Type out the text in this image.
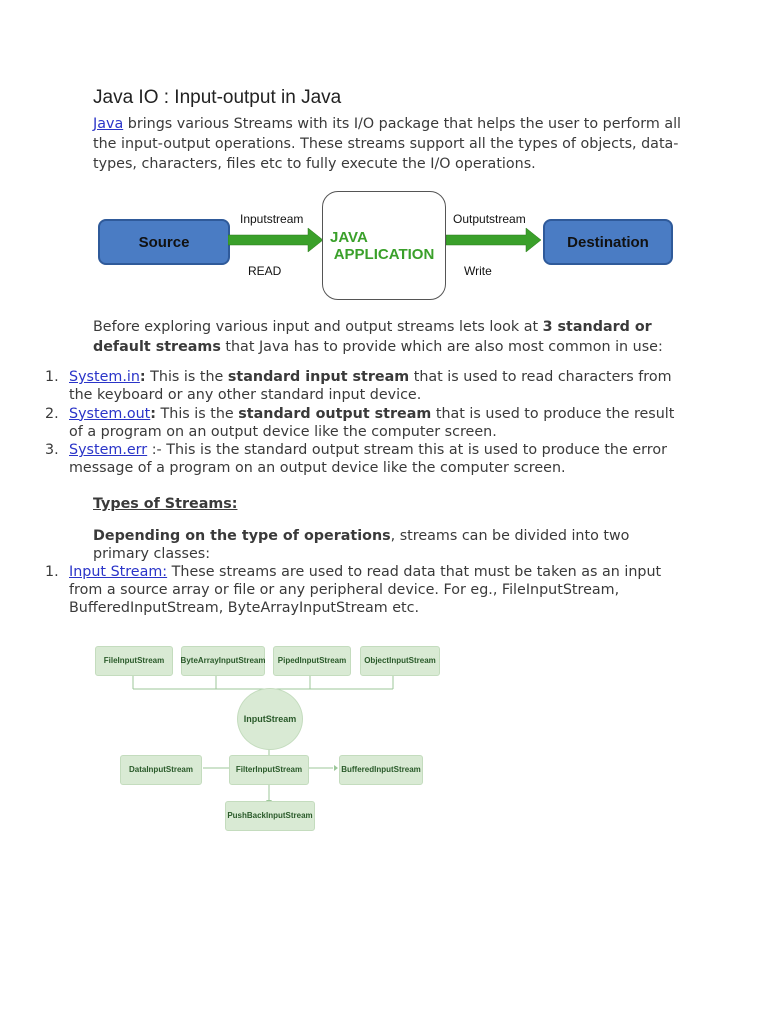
Java IO : Input-output in Java

Java brings various Streams with its I/O package that helps the user to perform all the input-output operations. These streams support all the types of objects, data-types, characters, files etc to fully execute the I/O operations.

Source
Inputstream
READ
JAVA
APPLICATION
Outputstream
Write
Destination

Before exploring various input and output streams lets look at 3 standard or default streams that Java has to provide which are also most common in use:

1. System.in: This is the standard input stream that is used to read characters from the keyboard or any other standard input device.
2. System.out: This is the standard output stream that is used to produce the result of a program on an output device like the computer screen.
3. System.err :- This is the standard output stream this at is used to produce the error message of a program on an output device like the computer screen.
Types of Streams:

Depending on the type of operations, streams can be divided into two primary classes:

1. Input Stream: These streams are used to read data that must be taken as an input from a source array or file or any peripheral device. For eg., FileInputStream, BufferedInputStream, ByteArrayInputStream etc.
FileInputStream	ByteArrayInputStream	PipedInputStream	ObjectInputStream
InputStream
DataInputStream	FilterInputStream	BufferedInputStream
PushBackInputStream
